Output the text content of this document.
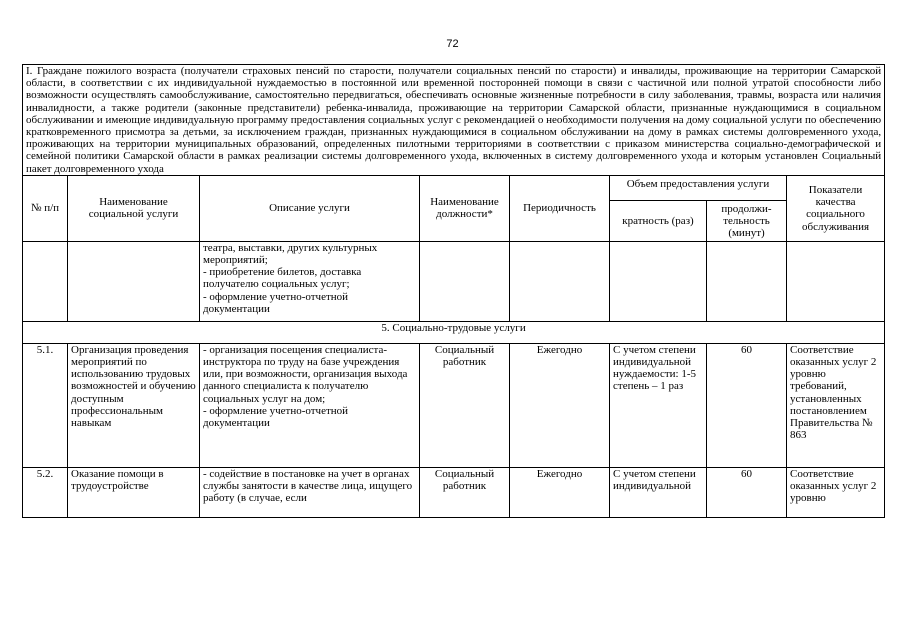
72
I. Граждане пожилого возраста (получатели страховых пенсий по старости, получатели социальных пенсий по старости) и инвалиды, проживающие на территории Самарской области, в соответствии с их индивидуальной нуждаемостью в постоянной или временной посторонней помощи в связи с частичной или полной утратой способности либо возможности осуществлять самообслуживание, самостоятельно передвигаться, обеспечивать основные жизненные потребности в силу заболевания, травмы, возраста или наличия инвалидности, а также родители (законные представители) ребенка-инвалида, проживающие на территории Самарской области, признанные нуждающимися в социальном обслуживании и имеющие индивидуальную программу предоставления социальных услуг с рекомендацией о необходимости получения на дому социальной услуги по обеспечению кратковременного присмотра за детьми, за исключением граждан, признанных нуждающимися в социальном обслуживании на дому в рамках системы долговременного ухода, проживающих на территории муниципальных образований, определенных пилотными территориями в соответствии с приказом министерства социально-демографической и семейной политики Самарской области в рамках реализации системы долговременного ухода, включенных в систему долговременного ухода и которым установлен Социальный пакет долговременного ухода							
№ п/п	Наименование социальной услуги	Описание услуги	Наименование должности*	Периодичность	Объем предоставления услуги		Показатели качества социального обслуживания
					кратность (раз)	продолжи-тельность (минут)	

		театра, выставки, других культурных мероприятий;
- приобретение билетов, доставка получателю социальных услуг;
- оформление учетно-отчетной документации					

5. Социально-трудовые услуги							
5.1.	Организация проведения мероприятий по использованию трудовых возможностей и обучению доступным профессиональным навыкам	- организация посещения специалиста-инструктора по труду на базе учреждения или, при возможности, организация выхода данного специалиста к получателю социальных услуг на дом;
- оформление учетно-отчетной документации	Социальный работник	Ежегодно	С учетом степени индивидуальной нуждаемости: 1-5 степень – 1 раз	60	Соответствие оказанных услуг 2 уровню требований, установленных постановлением Правительства № 863
5.2.	Оказание помощи в трудоустройстве	- содействие в постановке на учет в органах службы занятости в качестве лица, ищущего работу (в случае, если	Социальный работник	Ежегодно	С учетом степени индивидуальной	60	Соответствие оказанных услуг 2 уровню
